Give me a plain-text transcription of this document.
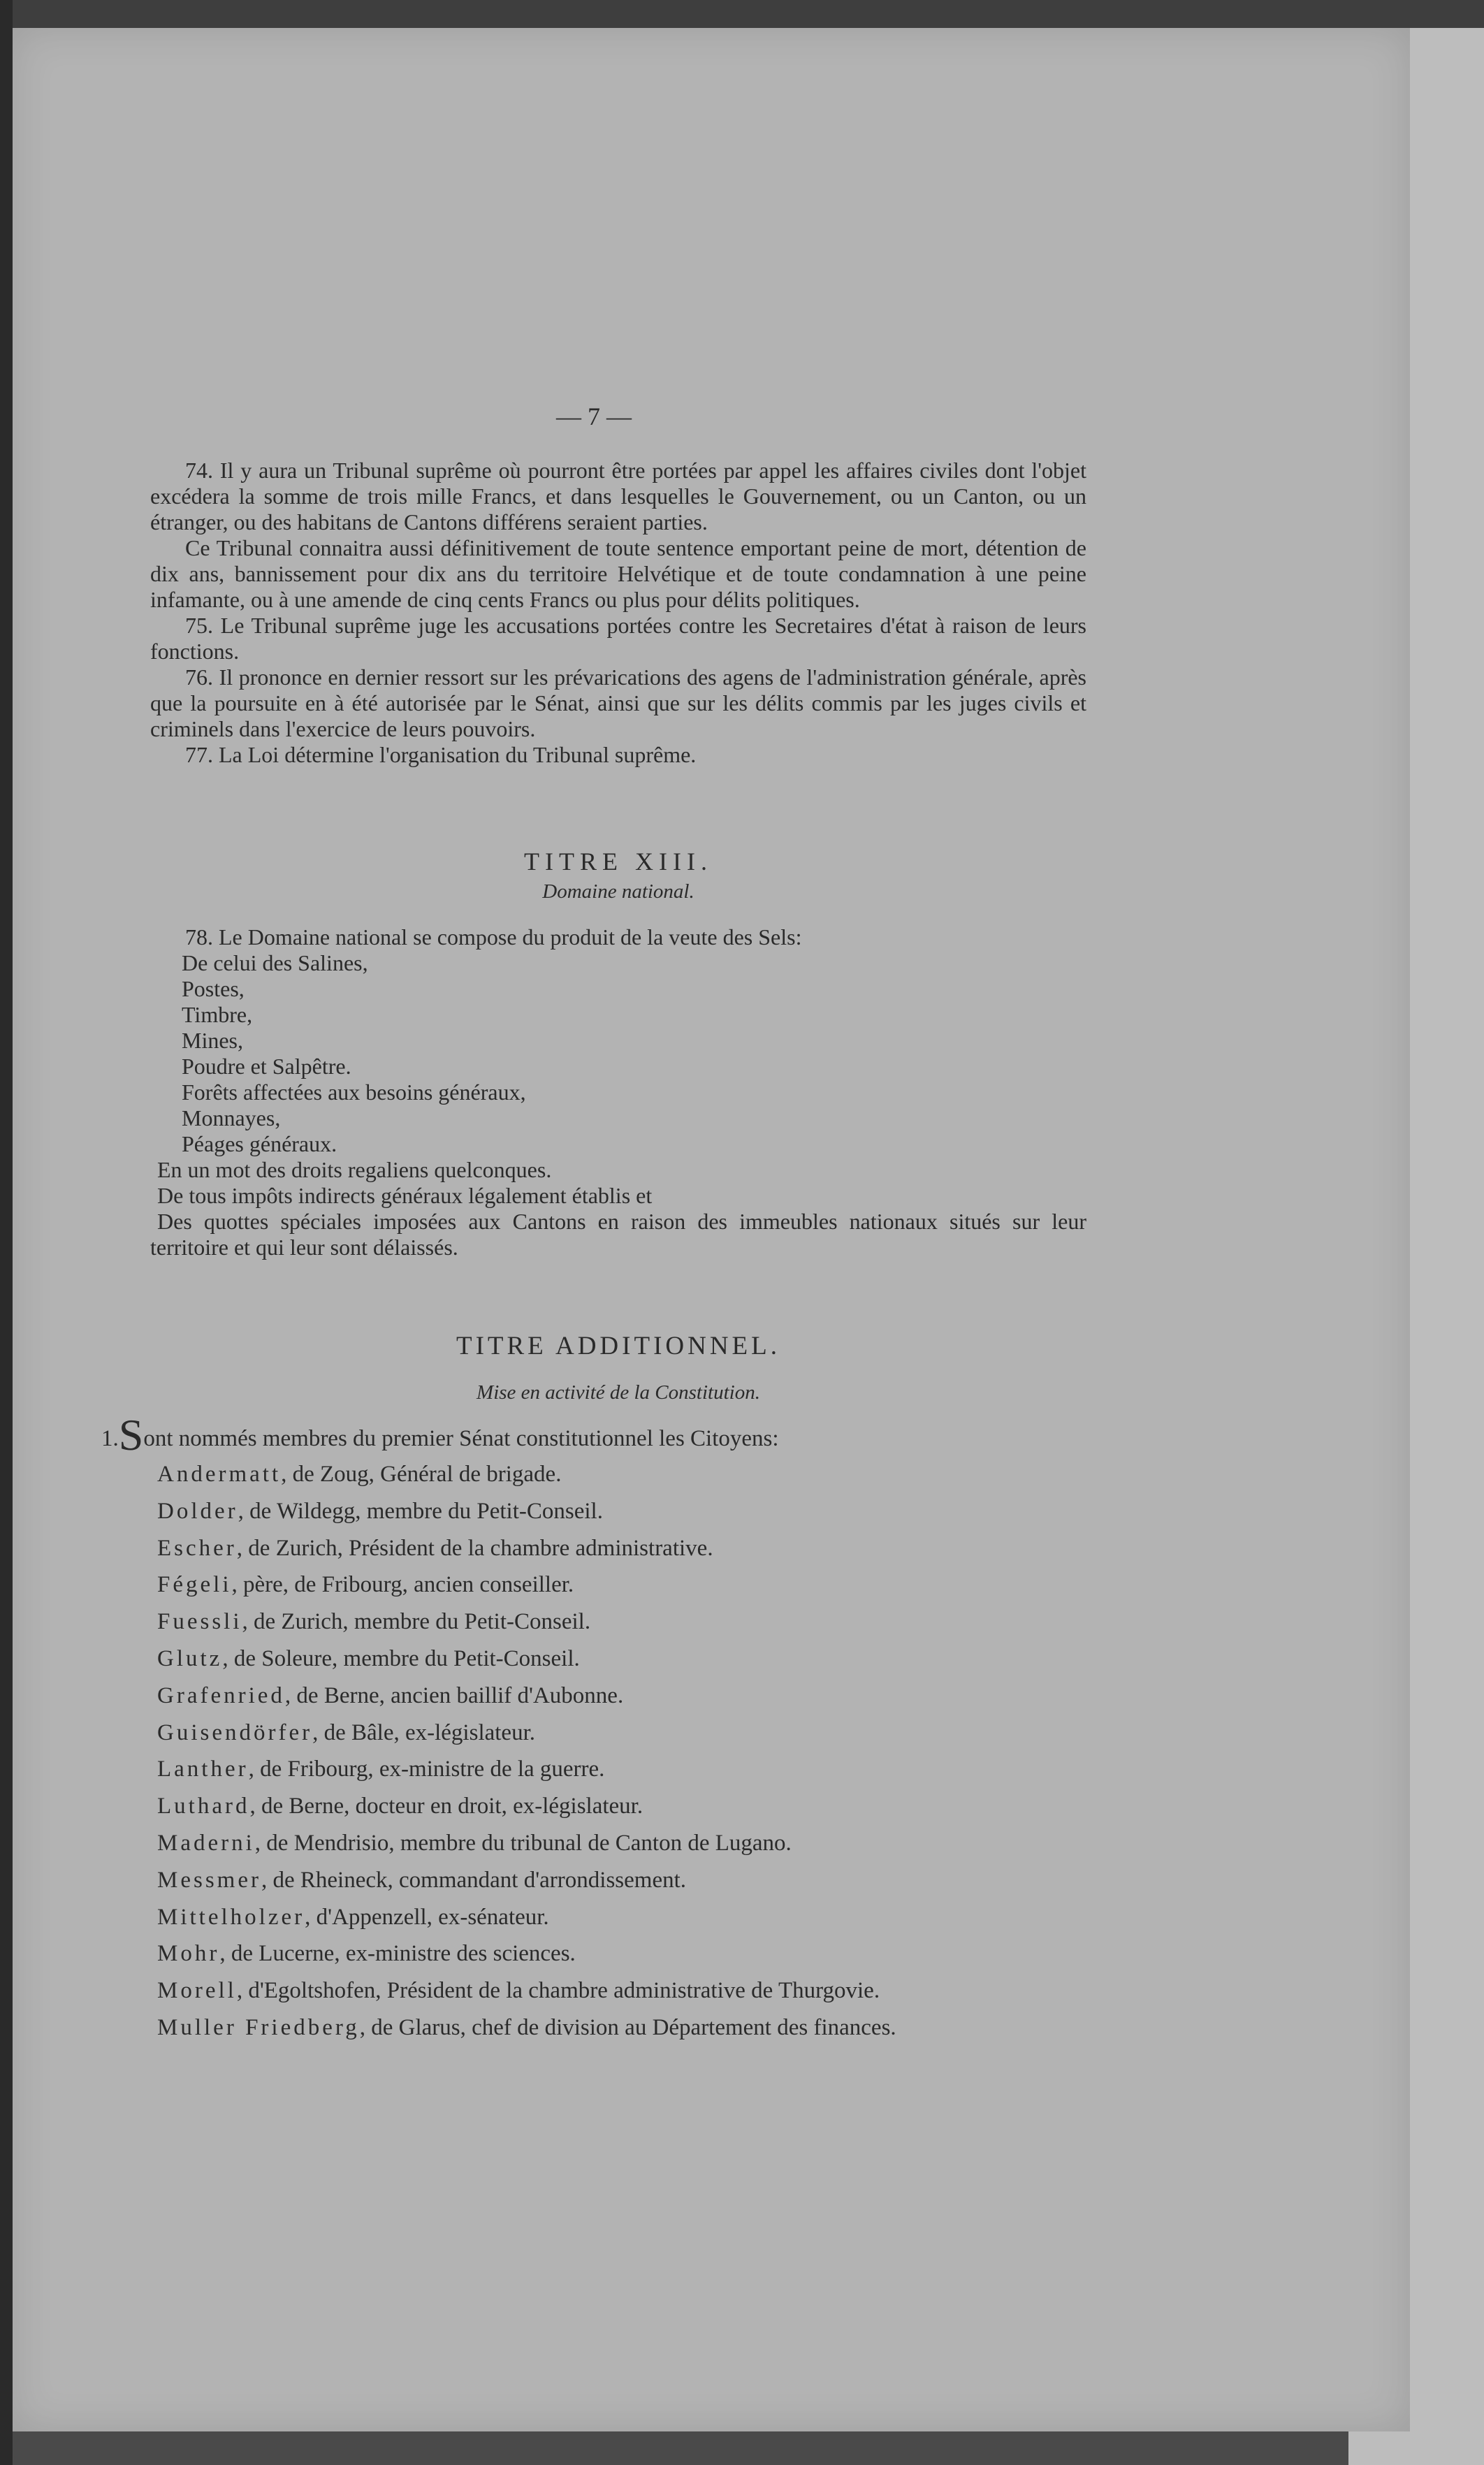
— 7 —

74. Il y aura un Tribunal suprême où pourront être portées par appel les affaires civiles dont l'objet excédera la somme de trois mille Francs, et dans lesquelles le Gouvernement, ou un Canton, ou un étranger, ou des habitans de Cantons différens seraient parties.

Ce Tribunal connaitra aussi définitivement de toute sentence emportant peine de mort, détention de dix ans, bannissement pour dix ans du territoire Helvétique et de toute condamnation à une peine infamante, ou à une amende de cinq cents Francs ou plus pour délits politiques.

75. Le Tribunal suprême juge les accusations portées contre les Secretaires d'état à raison de leurs fonctions.

76. Il prononce en dernier ressort sur les prévarications des agens de l'administration générale, après que la poursuite en à été autorisée par le Sénat, ainsi que sur les délits commis par les juges civils et criminels dans l'exercice de leurs pouvoirs.

77. La Loi détermine l'organisation du Tribunal suprême.

TITRE XIII.

Domaine national.

78. Le Domaine national se compose du produit de la veute des Sels:

De celui des Salines,

Postes,

Timbre,

Mines,

Poudre et Salpêtre.

Forêts affectées aux besoins généraux,

Monnayes,

Péages généraux.

En un mot des droits regaliens quelconques.

De tous impôts indirects généraux légalement établis et

Des quottes spéciales imposées aux Cantons en raison des immeubles nationaux situés sur leur territoire et qui leur sont délaissés.

TITRE ADDITIONNEL.

Mise en activité de la Constitution.

1.Sont nommés membres du premier Sénat constitutionnel les Citoyens:

Andermatt, de Zoug, Général de brigade.

Dolder, de Wildegg, membre du Petit-Conseil.

Escher, de Zurich, Président de la chambre administrative.

Fégeli, père, de Fribourg, ancien conseiller.

Fuessli, de Zurich, membre du Petit-Conseil.

Glutz, de Soleure, membre du Petit-Conseil.

Grafenried, de Berne, ancien baillif d'Aubonne.

Guisendörfer, de Bâle, ex-législateur.

Lanther, de Fribourg, ex-ministre de la guerre.

Luthard, de Berne, docteur en droit, ex-législateur.

Maderni, de Mendrisio, membre du tribunal de Canton de Lugano.

Messmer, de Rheineck, commandant d'arrondissement.

Mittelholzer, d'Appenzell, ex-sénateur.

Mohr, de Lucerne, ex-ministre des sciences.

Morell, d'Egoltshofen, Président de la chambre administrative de Thurgovie.

Muller Friedberg, de Glarus, chef de division au Département des finances.
